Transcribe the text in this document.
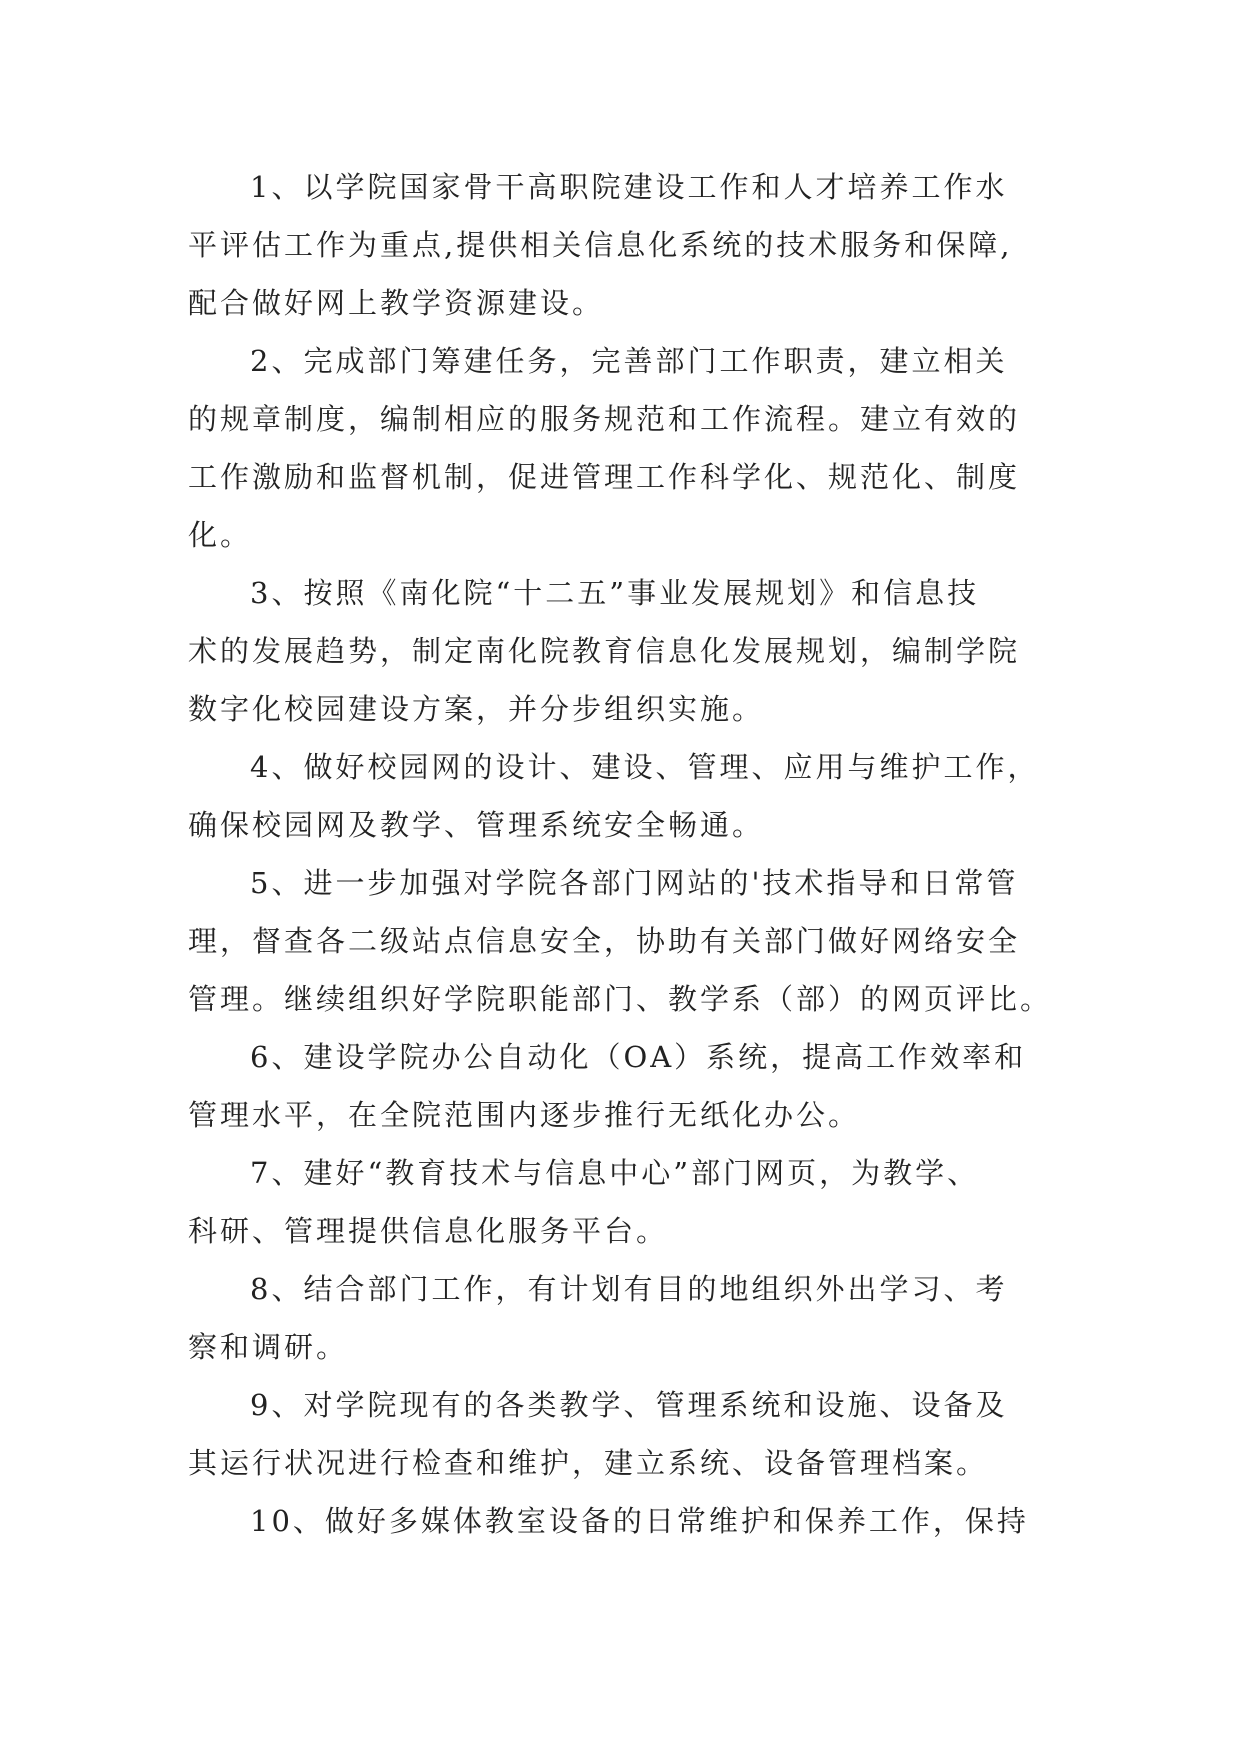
1、以学院国家骨干高职院建设工作和人才培养工作水
平评估工作为重点,提供相关信息化系统的技术服务和保障,
配合做好网上教学资源建设。
2、完成部门筹建任务，完善部门工作职责，建立相关
的规章制度，编制相应的服务规范和工作流程。建立有效的
工作激励和监督机制，促进管理工作科学化、规范化、制度
化。
3、按照《南化院“十二五”事业发展规划》和信息技
术的发展趋势，制定南化院教育信息化发展规划，编制学院
数字化校园建设方案，并分步组织实施。
4、做好校园网的设计、建设、管理、应用与维护工作，
确保校园网及教学、管理系统安全畅通。
5、进一步加强对学院各部门网站的'技术指导和日常管
理，督查各二级站点信息安全，协助有关部门做好网络安全
管理。继续组织好学院职能部门、教学系（部）的网页评比。
6、建设学院办公自动化（OA）系统，提高工作效率和
管理水平，在全院范围内逐步推行无纸化办公。
7、建好“教育技术与信息中心”部门网页，为教学、
科研、管理提供信息化服务平台。
8、结合部门工作，有计划有目的地组织外出学习、考
察和调研。
9、对学院现有的各类教学、管理系统和设施、设备及
其运行状况进行检查和维护，建立系统、设备管理档案。
10、做好多媒体教室设备的日常维护和保养工作，保持
